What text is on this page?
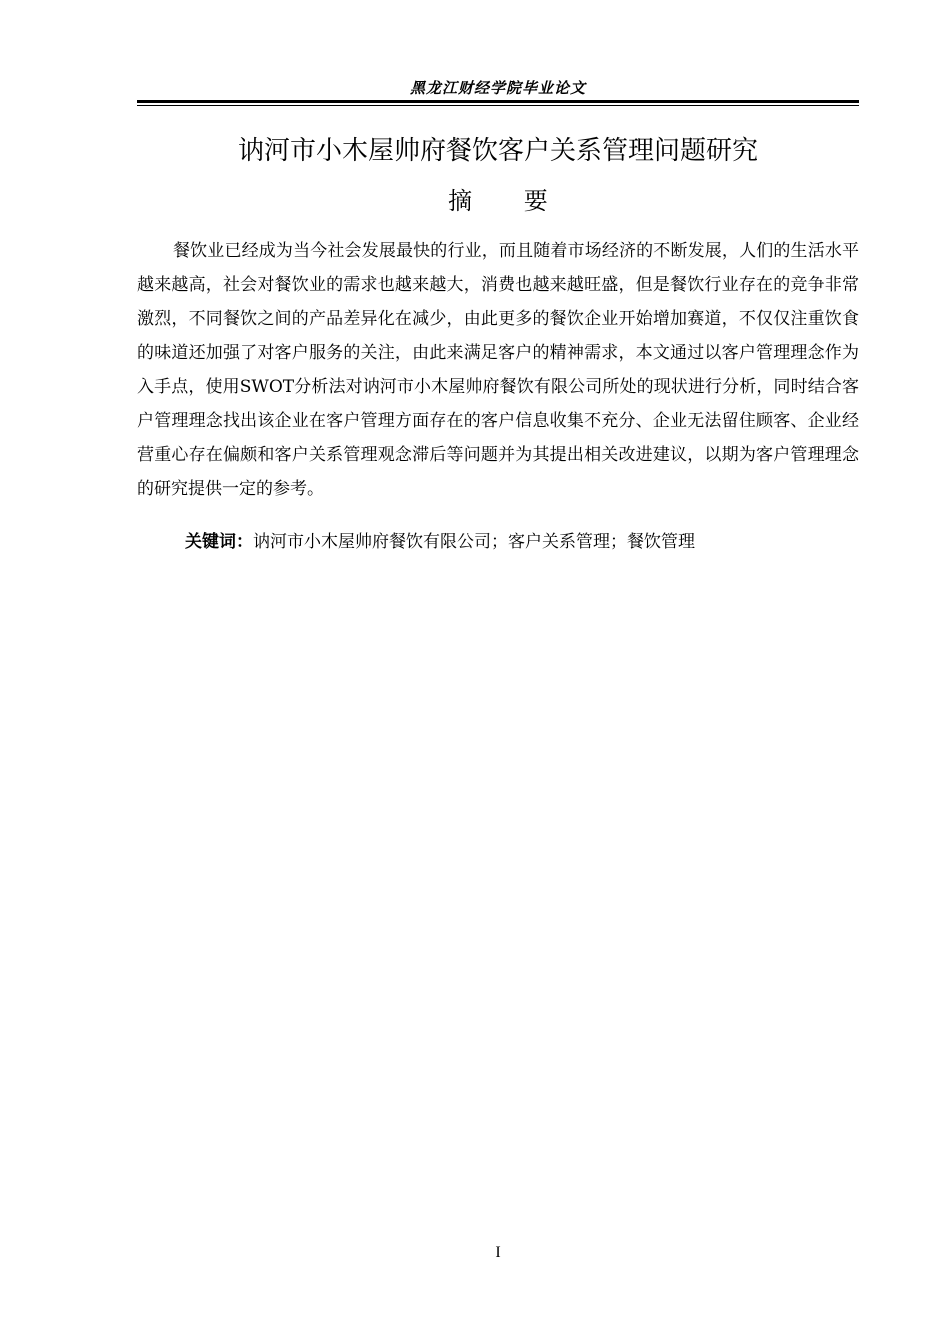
黑龙江财经学院毕业论文
讷河市小木屋帅府餐饮客户关系管理问题研究
摘 要

餐饮业已经成为当今社会发展最快的行业，而且随着市场经济的不断发展，人们的生活水平越来越高，社会对餐饮业的需求也越来越大，消费也越来越旺盛，但是餐饮行业存在的竞争非常激烈，不同餐饮之间的产品差异化在减少，由此更多的餐饮企业开始增加赛道，不仅仅注重饮食的味道还加强了对客户服务的关注，由此来满足客户的精神需求，本文通过以客户管理理念作为入手点，使用SWOT分析法对讷河市小木屋帅府餐饮有限公司所处的现状进行分析，同时结合客户管理理念找出该企业在客户管理方面存在的客户信息收集不充分、企业无法留住顾客、企业经营重心存在偏颇和客户关系管理观念滞后等问题并为其提出相关改进建议，以期为客户管理理念的研究提供一定的参考。

关键词：讷河市小木屋帅府餐饮有限公司；客户关系管理；餐饮管理
I
